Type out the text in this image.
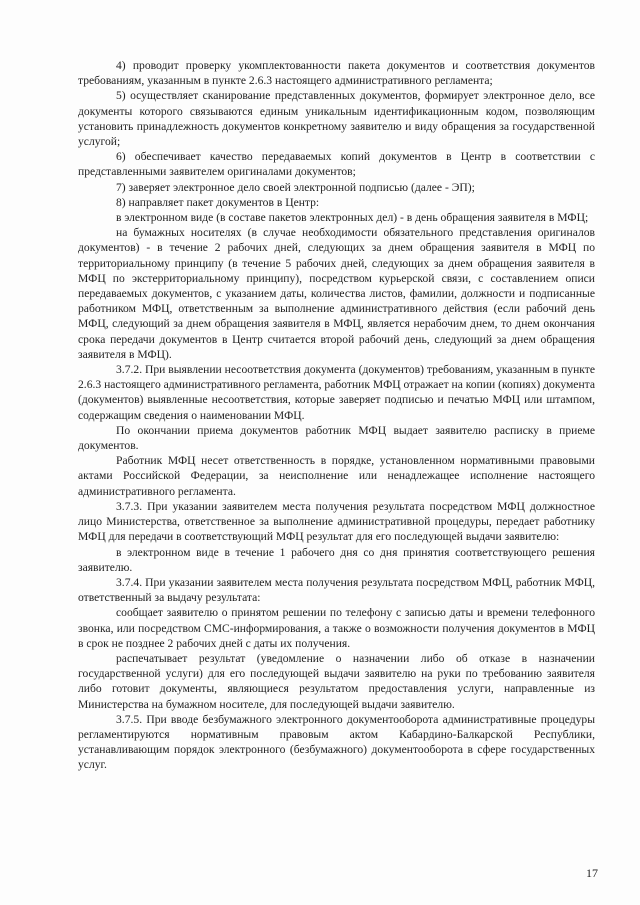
4) проводит проверку укомплектованности пакета документов и соответствия документов требованиям, указанным в пункте 2.6.3 настоящего административного регламента;

5) осуществляет сканирование представленных документов, формирует электронное дело, все документы которого связываются единым уникальным идентификационным кодом, позволяющим установить принадлежность документов конкретному заявителю и виду обращения за государственной услугой;

6) обеспечивает качество передаваемых копий документов в Центр в соответствии с представленными заявителем оригиналами документов;

7) заверяет электронное дело своей электронной подписью (далее - ЭП);

8) направляет пакет документов в Центр:

в электронном виде (в составе пакетов электронных дел) - в день обращения заявителя в МФЦ;

на бумажных носителях (в случае необходимости обязательного представления оригиналов документов) - в течение 2 рабочих дней, следующих за днем обращения заявителя в МФЦ по территориальному принципу (в течение 5 рабочих дней, следующих за днем обращения заявителя в МФЦ по экстерриториальному принципу), посредством курьерской связи, с составлением описи передаваемых документов, с указанием даты, количества листов, фамилии, должности и подписанные работником МФЦ, ответственным за выполнение административного действия (если рабочий день МФЦ, следующий за днем обращения заявителя в МФЦ, является нерабочим днем, то днем окончания срока передачи документов в Центр считается второй рабочий день, следующий за днем обращения заявителя в МФЦ).

3.7.2. При выявлении несоответствия документа (документов) требованиям, указанным в пункте 2.6.3 настоящего административного регламента, работник МФЦ отражает на копии (копиях) документа (документов) выявленные несоответствия, которые заверяет подписью и печатью МФЦ или штампом, содержащим сведения о наименовании МФЦ.

По окончании приема документов работник МФЦ выдает заявителю расписку в приеме документов.

Работник МФЦ несет ответственность в порядке, установленном нормативными правовыми актами Российской Федерации, за неисполнение или ненадлежащее исполнение настоящего административного регламента.

3.7.3. При указании заявителем места получения результата посредством МФЦ должностное лицо Министерства, ответственное за выполнение административной процедуры, передает работнику МФЦ для передачи в соответствующий МФЦ результат для его последующей выдачи заявителю:

в электронном виде в течение 1 рабочего дня со дня принятия соответствующего решения заявителю.

3.7.4. При указании заявителем места получения результата посредством МФЦ, работник МФЦ, ответственный за выдачу результата:

сообщает заявителю о принятом решении по телефону с записью даты и времени телефонного звонка, или посредством СМС-информирования, а также о возможности получения документов в МФЦ в срок не позднее 2 рабочих дней с даты их получения.

распечатывает результат (уведомление о назначении либо об отказе в назначении государственной услуги) для его последующей выдачи заявителю на руки по требованию заявителя либо готовит документы, являющиеся результатом предоставления услуги, направленные из Министерства на бумажном носителе, для последующей выдачи заявителю.

3.7.5. При вводе безбумажного электронного документооборота административные процедуры регламентируются нормативным правовым актом Кабардино-Балкарской Республики, устанавливающим порядок электронного (безбумажного) документооборота в сфере государственных услуг.

17
